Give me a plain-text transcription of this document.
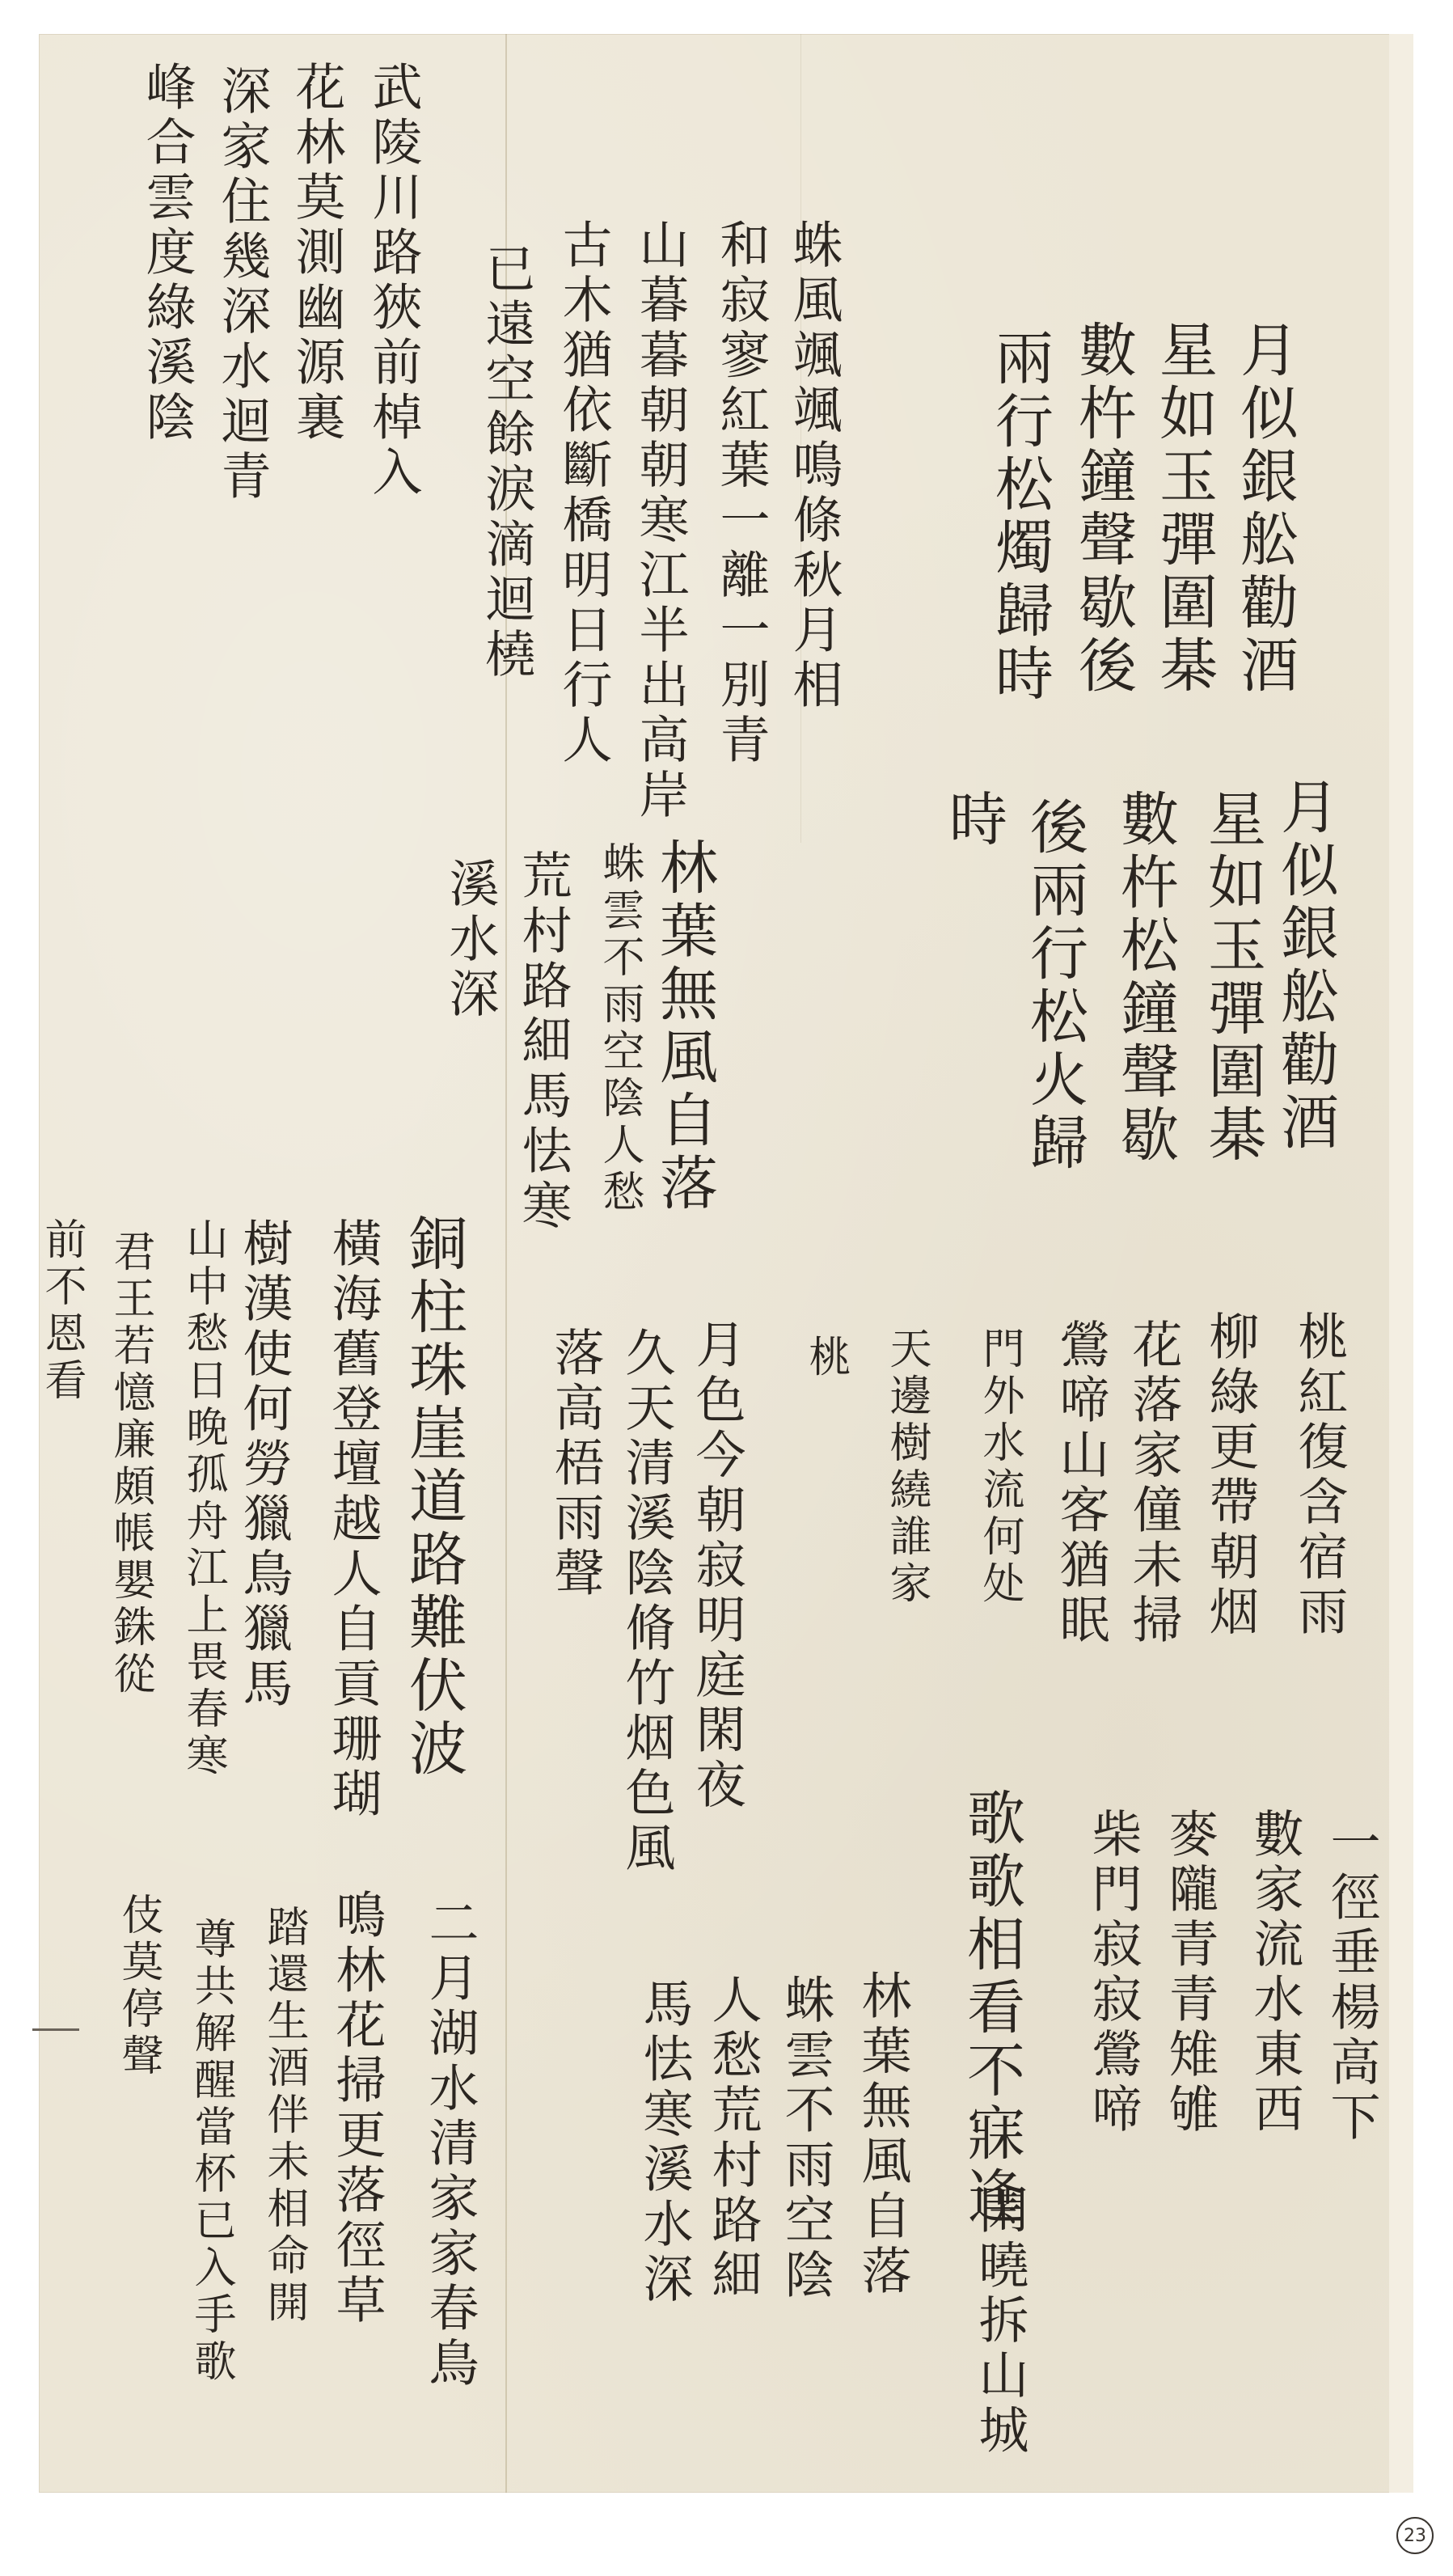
月似銀舩勸酒
星如玉彈圍棊
數杵鐘聲歇後
兩行松燭歸時
月似銀舩勸酒
星如玉彈圍棊
數杵松鐘聲歇
後兩行松火歸
時
蛛風颯颯鳴條秋月相
和寂寥紅葉一離一別青
山暮暮朝朝寒江半出高岸
古木猶依斷橋明日行人
已遠空餘淚滴迴橈
武陵川路狹前棹入
花林莫測幽源裏
深家住幾深水迴青
峰合雲度綠溪陰
林葉無風自落
蛛雲不雨空陰人愁
荒村路細馬怯寒
溪水深
桃紅復含宿雨
柳綠更帶朝烟
花落家僮未掃
鶯啼山客猶眠
門外水流何处
天邊樹繞誰家
桃
月色今朝寂明庭閑夜
久天清溪陰脩竹烟色風
落高梧雨聲
銅柱珠崖道路難伏波
橫海舊登壇越人自貢珊瑚
樹漢使何勞獵鳥獵馬
山中愁日晚孤舟江上畏春寒
君王若憶廉頗帳嬰銖從
前不恩看
一徑垂楊高下
數家流水東西
麥隴青青雉雊
柴門寂寂鶯啼
歌歌相看不寐逢
閑曉拆山城
林葉無風自落
蛛雲不雨空陰
人愁荒村路細
馬怯寒溪水深
二月湖水清家家春鳥
鳴林花掃更落徑草
踏還生酒伴未相命開
尊共解醒當杯已入手歌
伎莫停聲
23
